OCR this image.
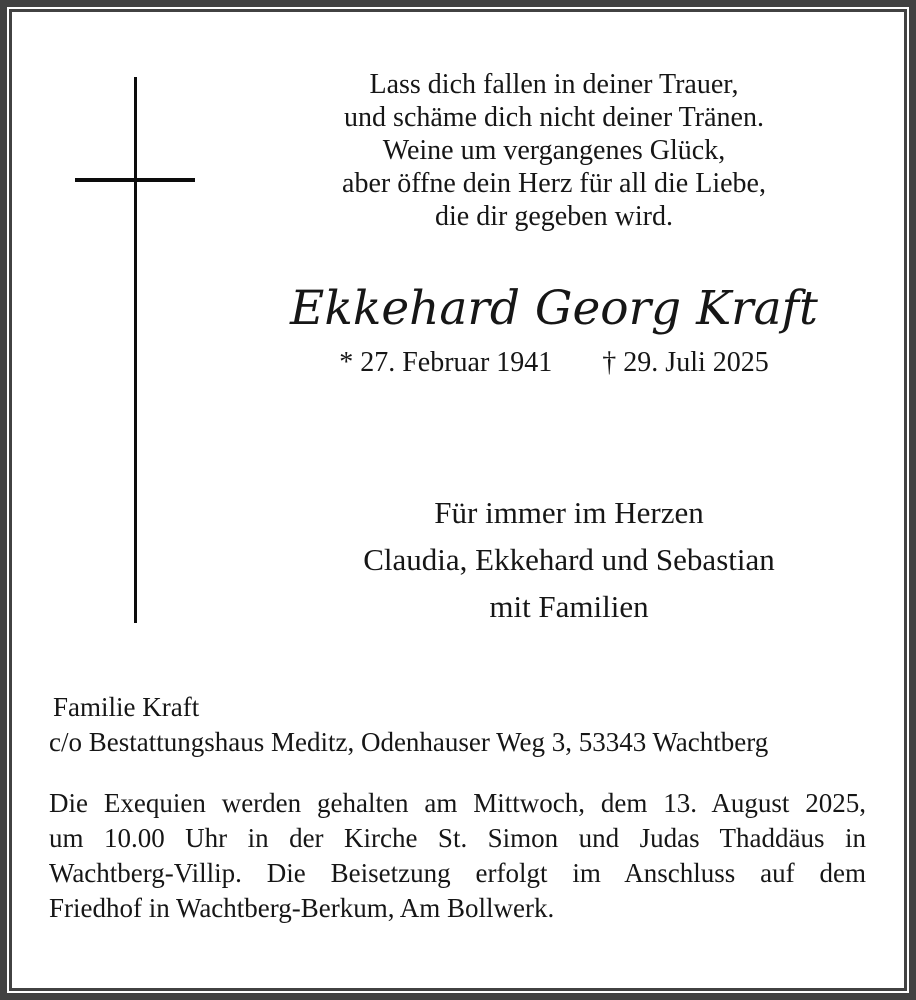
Lass dich fallen in deiner Trauer,
und schäme dich nicht deiner Tränen.
Weine um vergangenes Glück,
aber öffne dein Herz für all die Liebe,
die dir gegeben wird.
Ekkehard Georg Kraft
* 27. Februar 1941 † 29. Juli 2025
Für immer im Herzen
Claudia, Ekkehard und Sebastian
mit Familien
Familie Kraft
c/o Bestattungshaus Meditz, Odenhauser Weg 3, 53343 Wachtberg
Die Exequien werden gehalten am Mittwoch, dem 13. August 2025,
um 10.00 Uhr in der Kirche St. Simon und Judas Thaddäus in
Wachtberg-Villip. Die Beisetzung erfolgt im Anschluss auf dem
Friedhof in Wachtberg-Berkum, Am Bollwerk.
